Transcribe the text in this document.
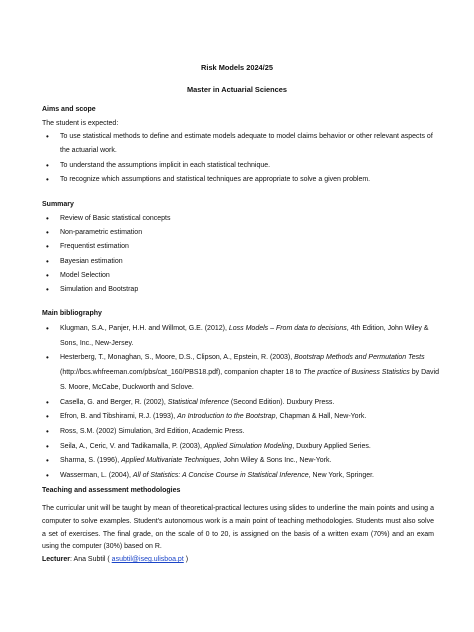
Risk Models 2024/25
Master in Actuarial Sciences
Aims and scope
The student is expected:
• To use statistical methods to define and estimate models adequate to model claims behavior or other relevant aspects of the actuarial work.
• To understand the assumptions implicit in each statistical technique.
• To recognize which assumptions and statistical techniques are appropriate to solve a given problem.
Summary
• Review of Basic statistical concepts
• Non-parametric estimation
• Frequentist estimation
• Bayesian estimation
• Model Selection
• Simulation and Bootstrap
Main bibliography
• Klugman, S.A., Panjer, H.H. and Willmot, G.E. (2012), Loss Models – From data to decisions, 4th Edition, John Wiley & Sons, Inc., New-Jersey.
• Hesterberg, T., Monaghan, S., Moore, D.S., Clipson, A., Epstein, R. (2003), Bootstrap Methods and Permutation Tests (http://bcs.whfreeman.com/pbs/cat_160/PBS18.pdf), companion chapter 18 to The practice of Business Statistics by David S. Moore, McCabe, Duckworth and Sclove.
• Casella, G. and Berger, R. (2002), Statistical Inference (Second Edition). Duxbury Press.
• Efron, B. and Tibshirami, R.J. (1993), An Introduction to the Bootstrap, Chapman & Hall, New-York.
• Ross, S.M. (2002) Simulation, 3rd Edition, Academic Press.
• Seila, A., Ceric, V. and Tadikamalla, P. (2003), Applied Simulation Modeling, Duxbury Applied Series.
• Sharma, S. (1996), Applied Multivariate Techniques, John Wiley & Sons Inc., New-York.
• Wasserman, L. (2004), All of Statistics: A Concise Course in Statistical Inference, New York, Springer.
Teaching and assessment methodologies
The curricular unit will be taught by mean of theoretical-practical lectures using slides to underline the main points and using a computer to solve examples. Student's autonomous work is a main point of teaching methodologies. Students must also solve a set of exercises. The final grade, on the scale of 0 to 20, is assigned on the basis of a written exam (70%) and an exam using the computer (30%) based on R.
Lecturer: Ana Subtil ( asubtil@iseg.ulisboa.pt )
